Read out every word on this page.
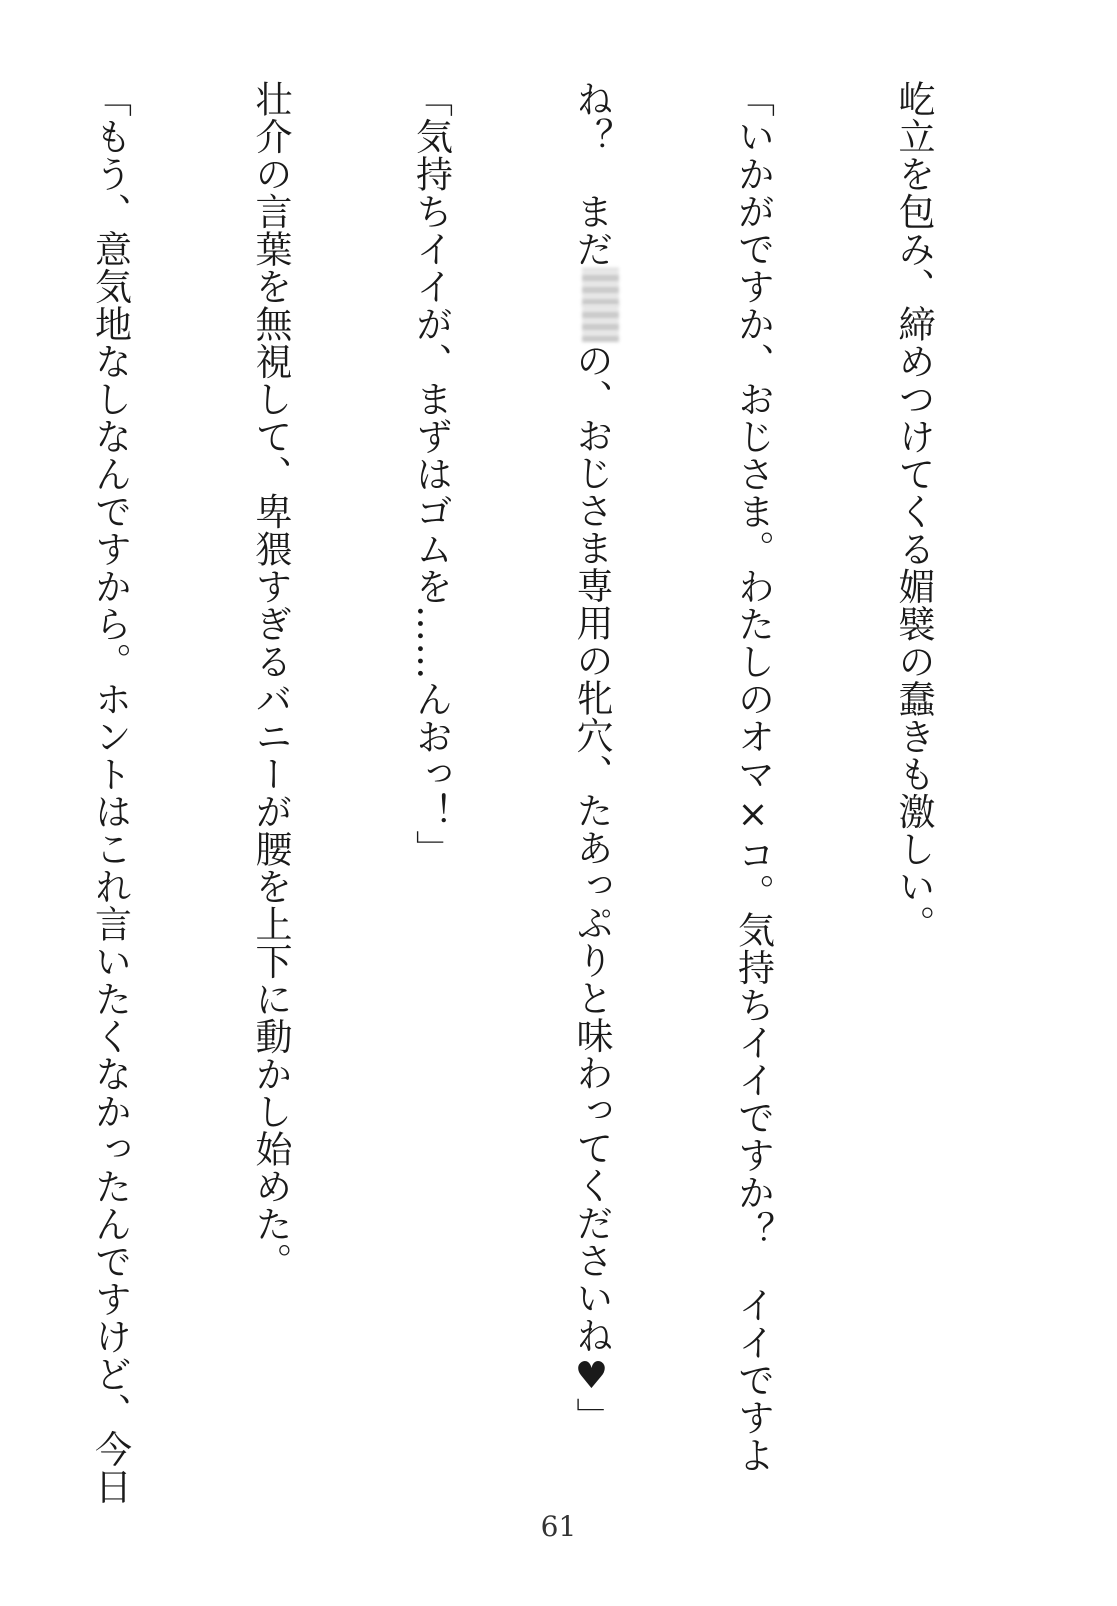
屹立を包み、締めつけてくる媚襞の蠢きも激しい。

「いかがですか、おじさま。わたしのオマ×コ。気持ちイイですか？　イイですよ

ね？　まだの、おじさま専用の牝穴、たあっぷりと味わってくださいね♥」

「気持ちイイが、まずはゴムを……んおっ！」

壮介の言葉を無視して、卑猥すぎるバニーが腰を上下に動かし始めた。

「もう、意気地なしなんですから。ホントはこれ言いたくなかったんですけど、今日

61
